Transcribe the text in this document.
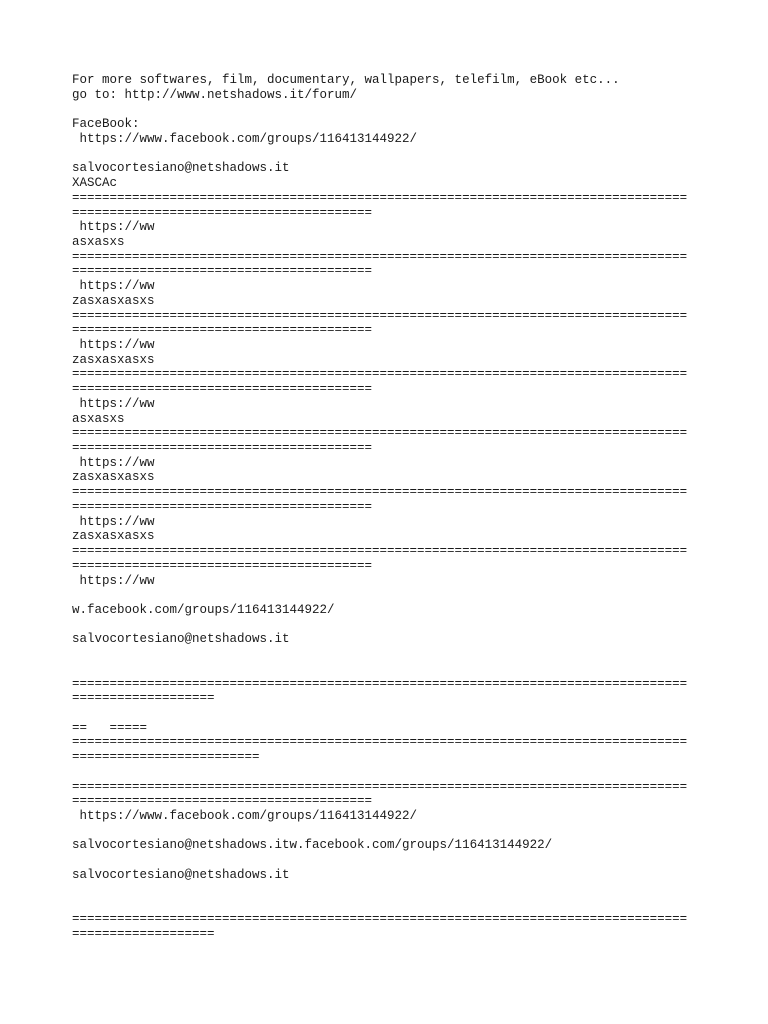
For more softwares, film, documentary, wallpapers, telefilm, eBook etc...
go to: http://www.netshadows.it/forum/
FaceBook:
https://www.facebook.com/groups/116413144922/
salvocortesiano@netshadows.it
XASCAc
==================================================================================
========================================
https://ww
asxasxs
==================================================================================
========================================
https://ww
zasxasxasxs
==================================================================================
========================================
https://ww
zasxasxasxs
==================================================================================
========================================
https://ww
asxasxs
==================================================================================
========================================
https://ww
zasxasxasxs
==================================================================================
========================================
https://ww
zasxasxasxs
==================================================================================
========================================
https://ww
w.facebook.com/groups/116413144922/
salvocortesiano@netshadows.it
==================================================================================
===================
==   =====
==================================================================================
=========================
==================================================================================
========================================
https://www.facebook.com/groups/116413144922/
salvocortesiano@netshadows.itw.facebook.com/groups/116413144922/
salvocortesiano@netshadows.it
==================================================================================
===================
